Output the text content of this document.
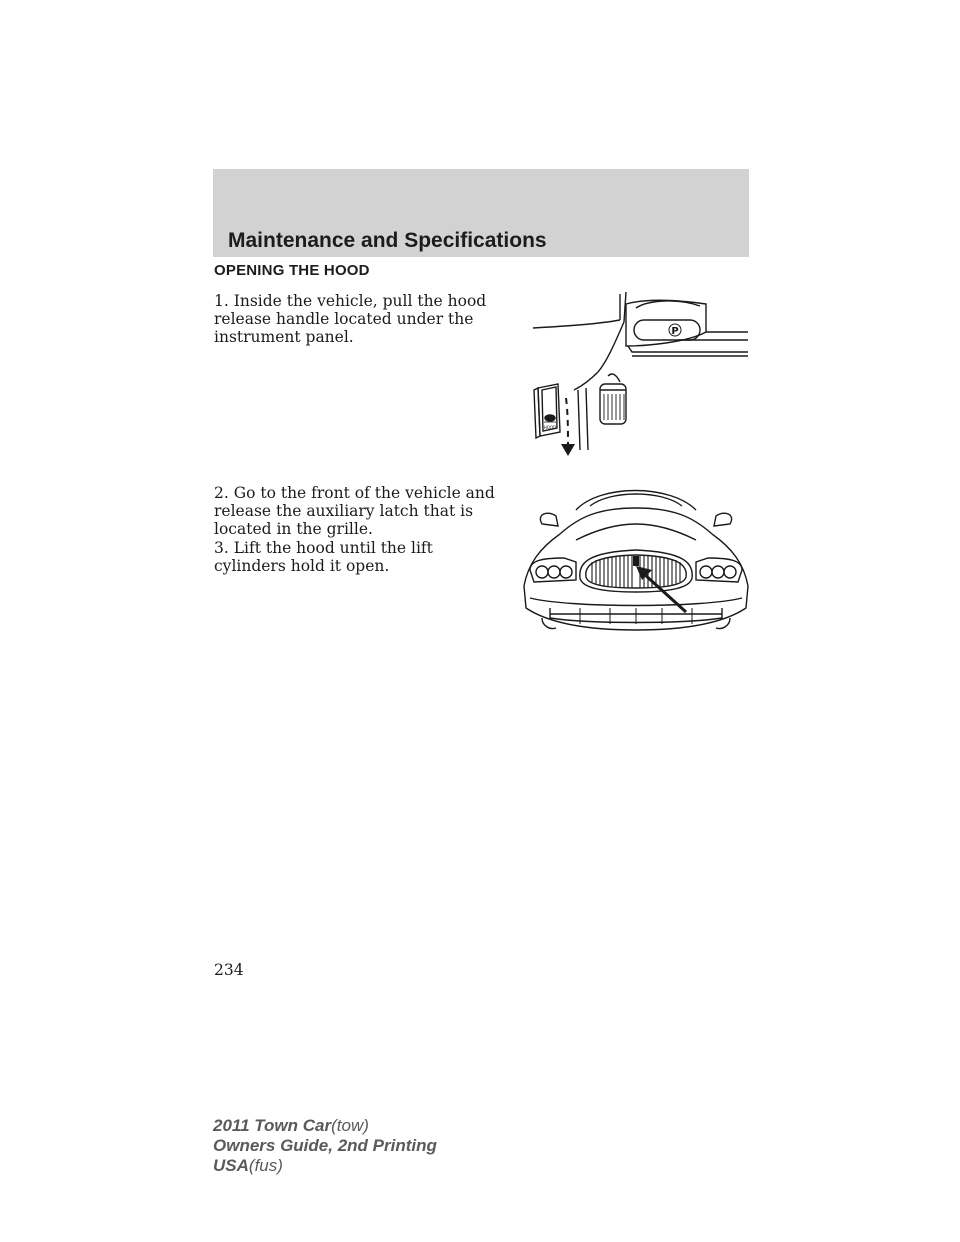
Maintenance and Specifications
OPENING THE HOOD
1. Inside the vehicle, pull the hood release handle located under the instrument panel.
2. Go to the front of the vehicle and release the auxiliary latch that is located in the grille.
3. Lift the hood until the lift cylinders hold it open.
P
HOOD
234
2011 Town Car(tow)
Owners Guide, 2nd Printing
USA(fus)
